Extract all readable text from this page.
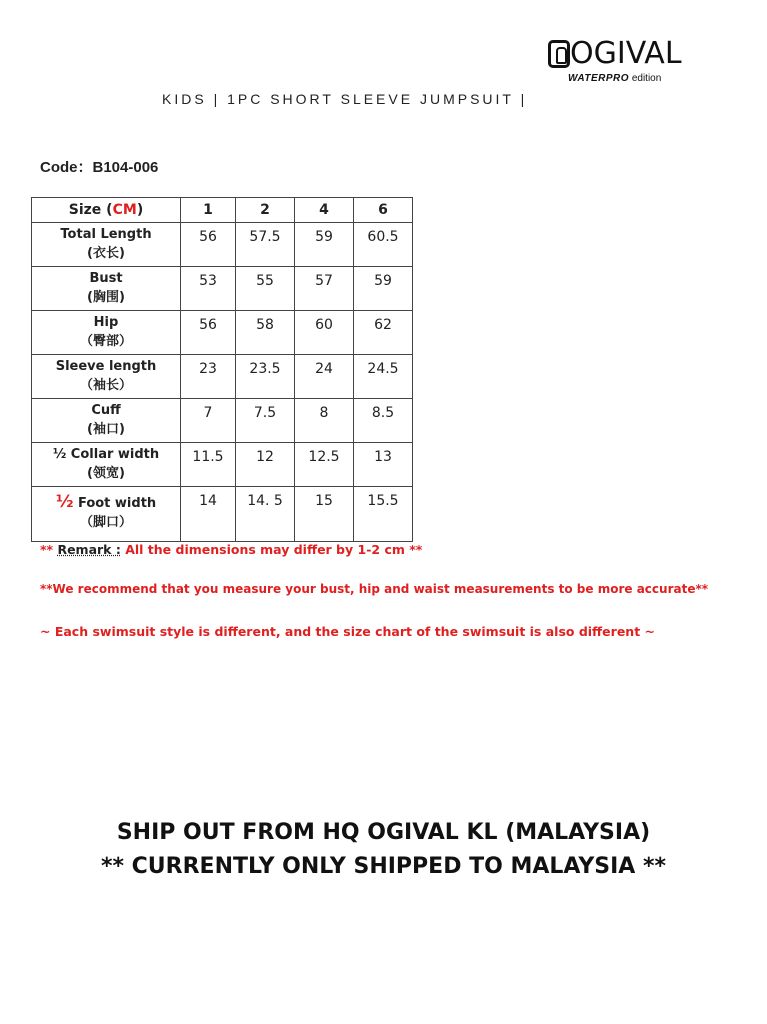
OGIVAL
WATERPRO edition
KIDS | 1PC SHORT SLEEVE JUMPSUIT |
Code：B104-006
Size (CM)	1	2	4	6
Total Length
(衣长)	56	57.5	59	60.5
Bust
(胸围)	53	55	57	59
Hip
（臀部）	56	58	60	62
Sleeve length
（袖长）	23	23.5	24	24.5
Cuff
(袖口)	7	7.5	8	8.5
½ Collar width
(领宽)	11.5	12	12.5	13
½ Foot width
（脚口）	14	14. 5	15	15.5
** Remark : All the dimensions may differ by 1-2 cm **
**We recommend that you measure your bust, hip and waist measurements to be more accurate**
~ Each swimsuit style is different, and the size chart of the swimsuit is also different ~
SHIP OUT FROM HQ OGIVAL KL (MALAYSIA)
** CURRENTLY ONLY SHIPPED TO MALAYSIA **
